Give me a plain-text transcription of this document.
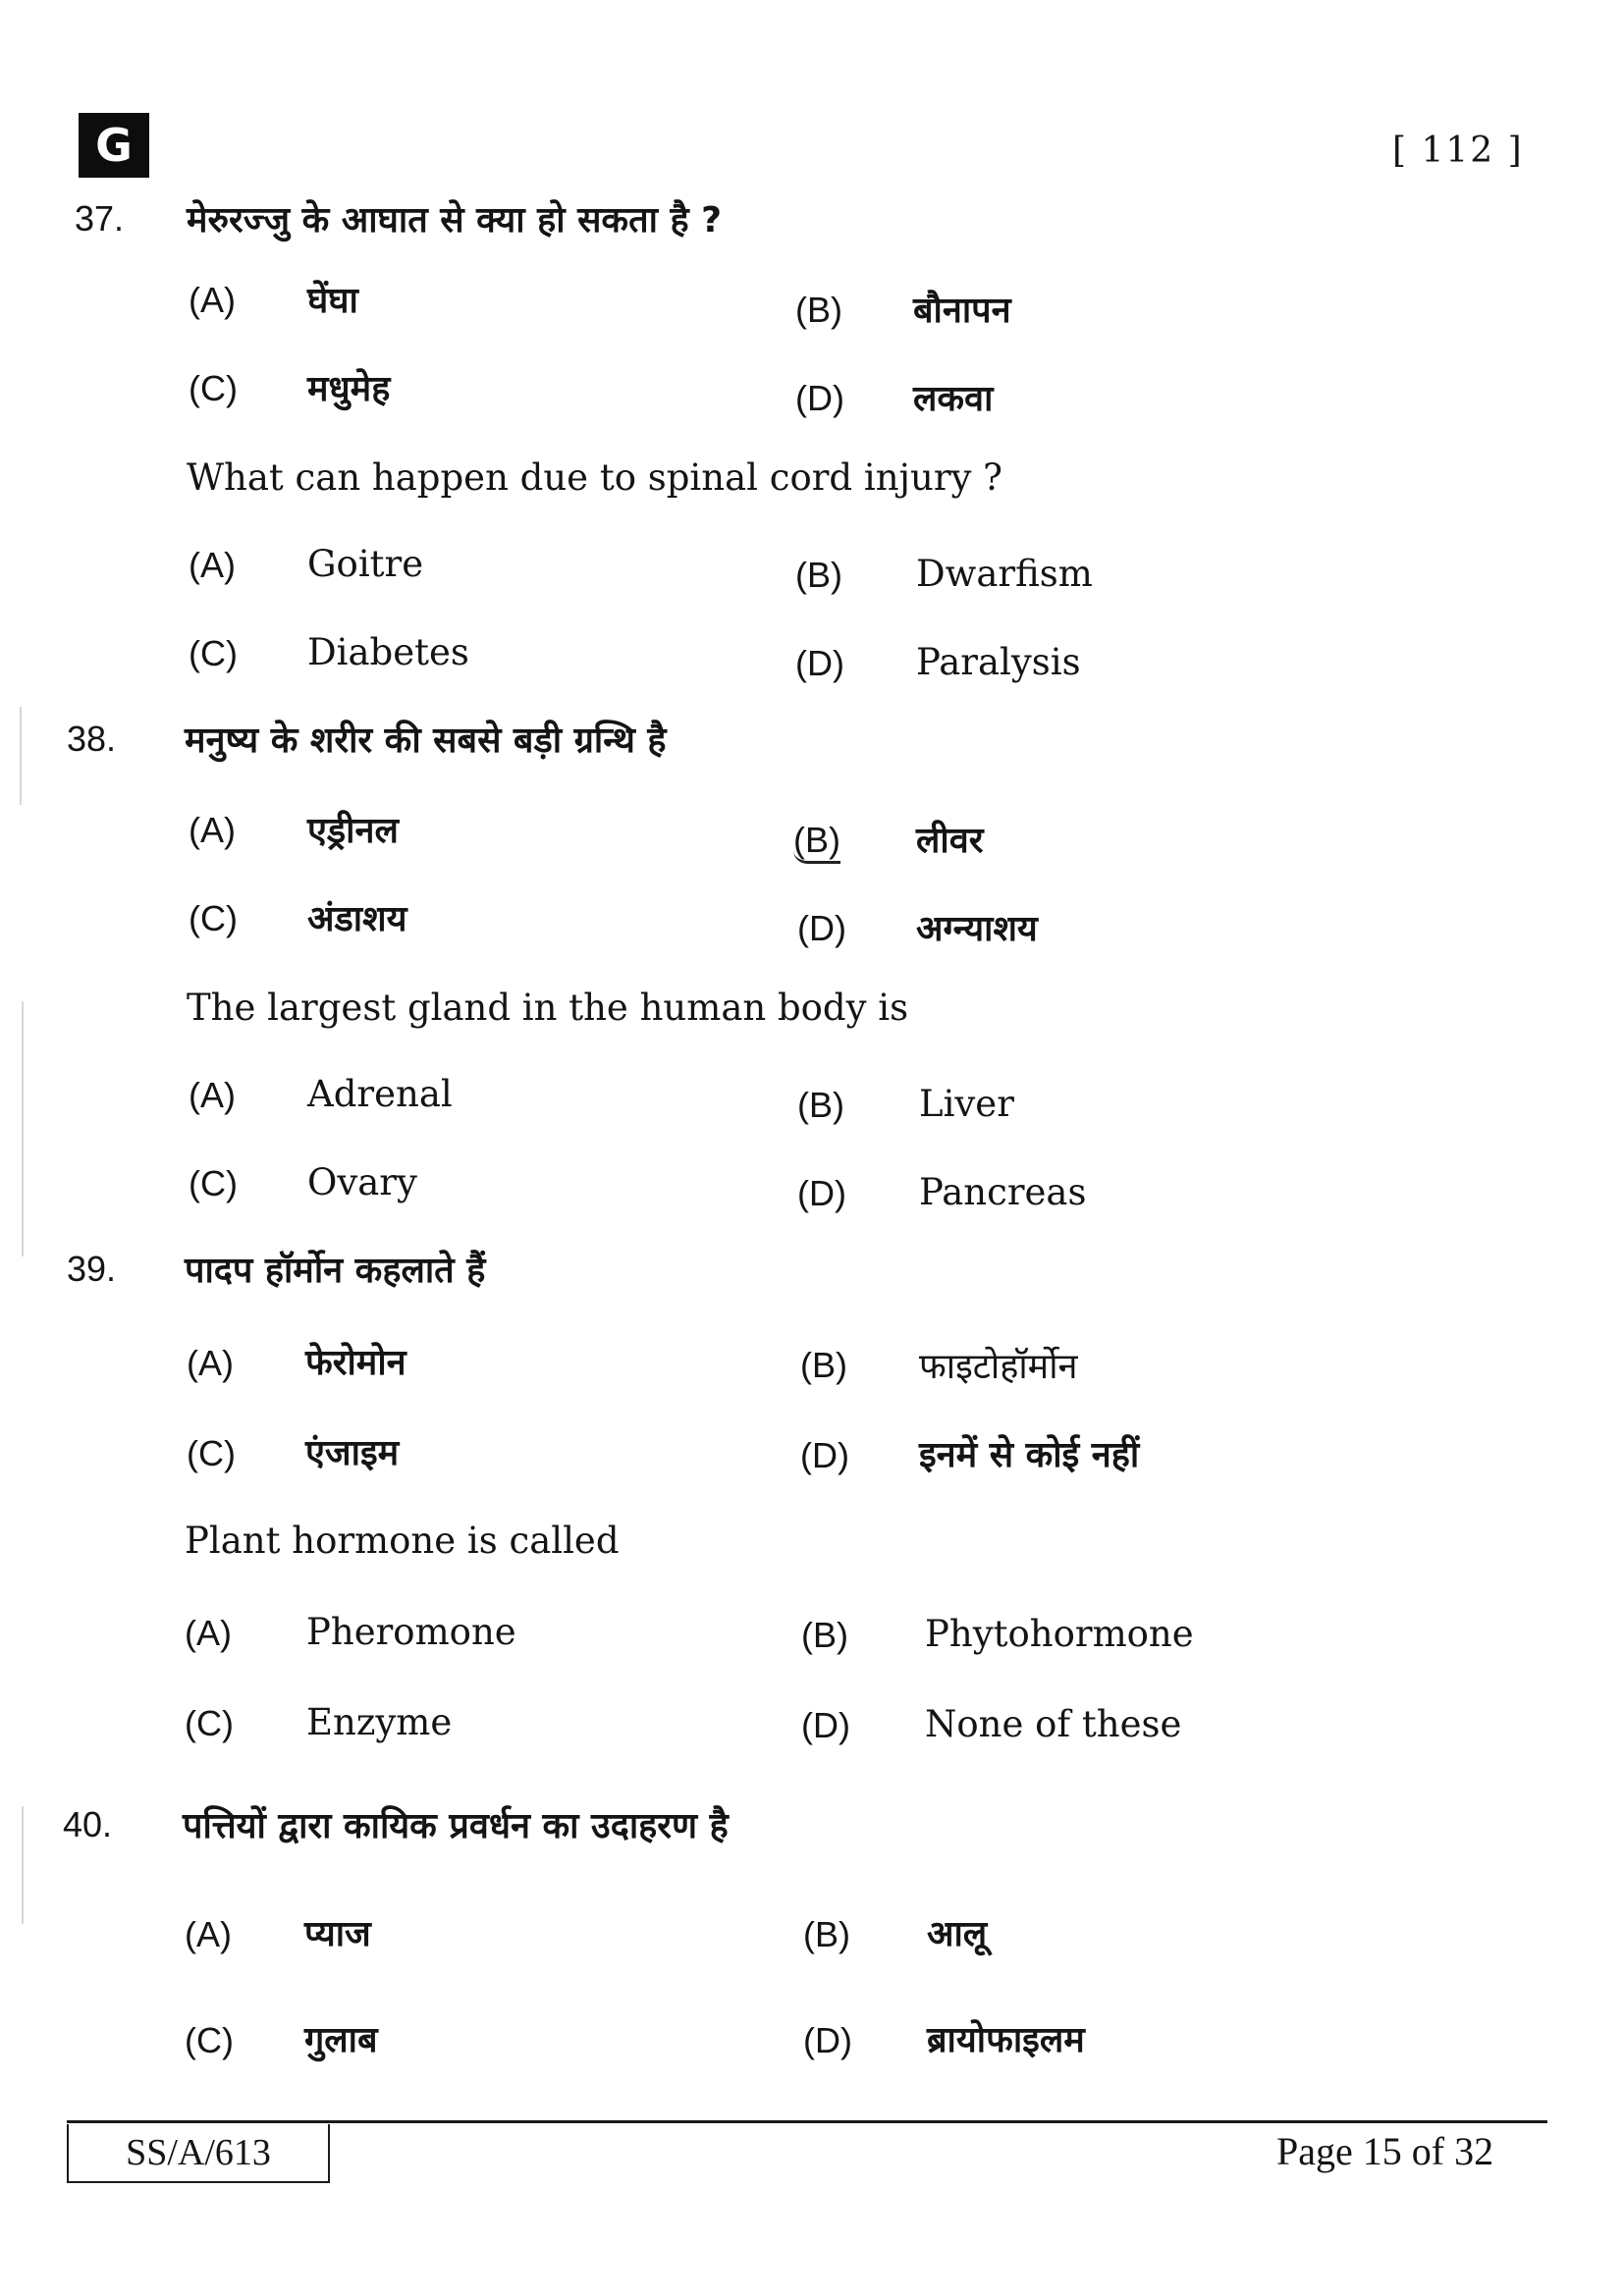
G	[ 112 ]
37. मेरुरज्जु के आघात से क्या हो सकता है ?
(A) घेंघा	(B) बौनापन
(C) मधुमेह	(D) लकवा
What can happen due to spinal cord injury ?
(A) Goitre	(B) Dwarfism
(C) Diabetes	(D) Paralysis
38. मनुष्य के शरीर की सबसे बड़ी ग्रन्थि है
(A) एड्रीनल	(B) लीवर
(C) अंडाशय	(D) अग्न्याशय
The largest gland in the human body is
(A) Adrenal	(B) Liver
(C) Ovary	(D) Pancreas
39. पादप हॉर्मोन कहलाते हैं
(A) फेरोमोन	(B) फाइटोहॉर्मोन
(C) एंजाइम	(D) इनमें से कोई नहीं
Plant hormone is called
(A) Pheromone	(B) Phytohormone
(C) Enzyme	(D) None of these
40. पत्तियों द्वारा कायिक प्रवर्धन का उदाहरण है
(A) प्याज	(B) आलू
(C) गुलाब	(D) ब्रायोफाइलम
SS/A/613	Page 15 of 32
